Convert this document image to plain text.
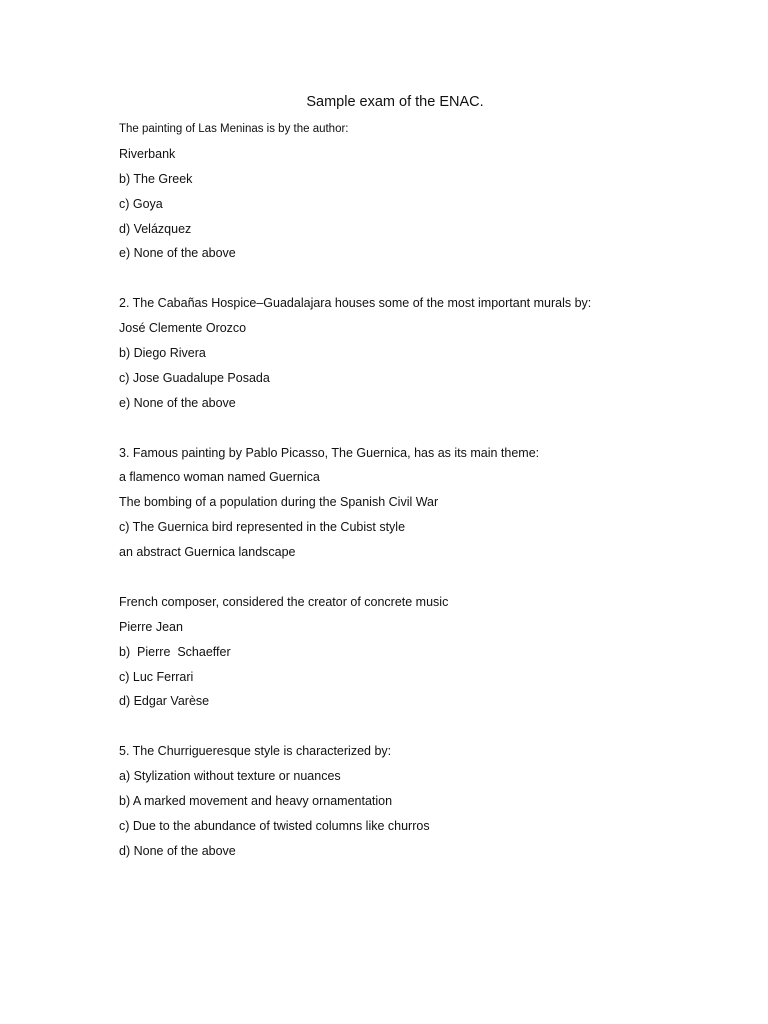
Sample exam of the ENAC.
The painting of Las Meninas is by the author:
Riverbank
b) The Greek
c) Goya
d) Velázquez
e) None of the above
2. The Cabañas Hospice–Guadalajara houses some of the most important murals by:
José Clemente Orozco
b) Diego Rivera
c) Jose Guadalupe Posada
e) None of the above
3. Famous painting by Pablo Picasso, The Guernica, has as its main theme:
a flamenco woman named Guernica
The bombing of a population during the Spanish Civil War
c) The Guernica bird represented in the Cubist style
an abstract Guernica landscape
French composer, considered the creator of concrete music
Pierre Jean
b)  Pierre  Schaeffer
c) Luc Ferrari
d) Edgar Varèse
5. The Churrigueresque style is characterized by:
a) Stylization without texture or nuances
b) A marked movement and heavy ornamentation
c) Due to the abundance of twisted columns like churros
d) None of the above
